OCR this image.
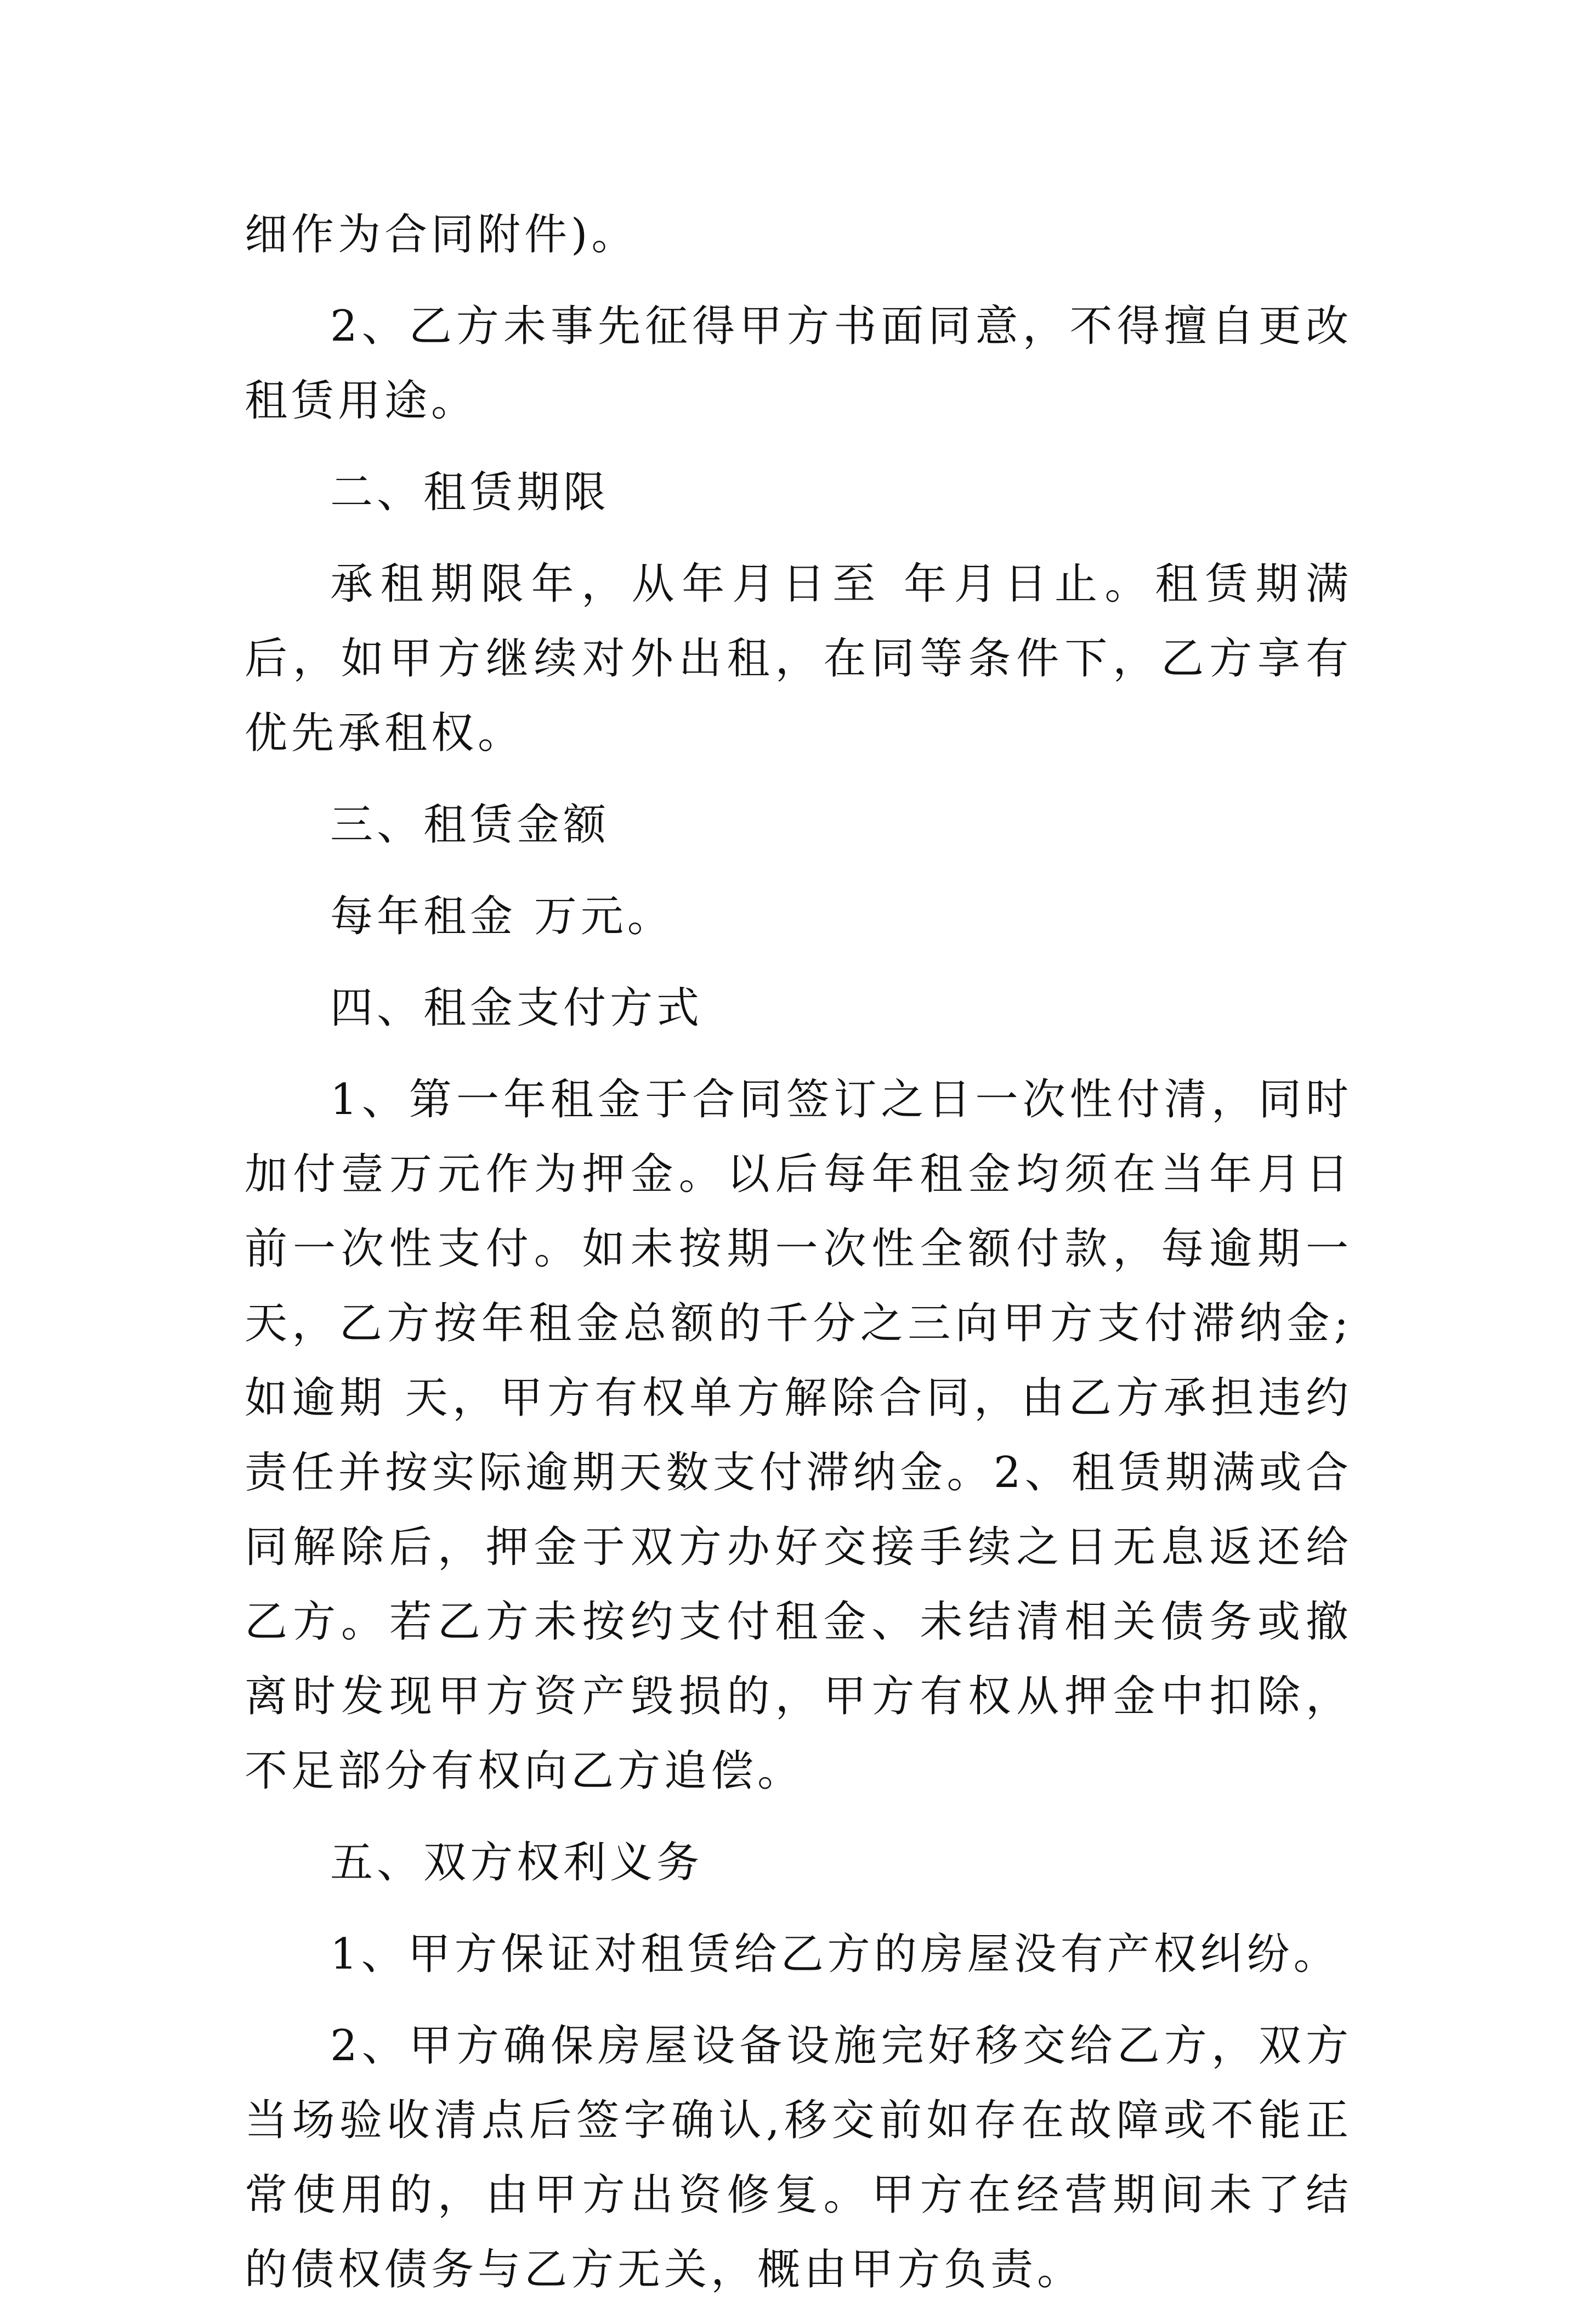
细作为合同附件)。

2、乙方未事先征得甲方书面同意，不得擅自更改租赁用途。

二、租赁期限

承租期限年，从年月日至 年月日止。租赁期满后，如甲方继续对外出租，在同等条件下，乙方享有优先承租权。

三、租赁金额

每年租金 万元。

四、租金支付方式

1、第一年租金于合同签订之日一次性付清，同时加付壹万元作为押金。以后每年租金均须在当年月日前一次性支付。如未按期一次性全额付款，每逾期一天，乙方按年租金总额的千分之三向甲方支付滞纳金;如逾期 天，甲方有权单方解除合同，由乙方承担违约责任并按实际逾期天数支付滞纳金。2、租赁期满或合同解除后，押金于双方办好交接手续之日无息返还给乙方。若乙方未按约支付租金、未结清相关债务或撤离时发现甲方资产毁损的，甲方有权从押金中扣除，不足部分有权向乙方追偿。

五、双方权利义务

1、甲方保证对租赁给乙方的房屋没有产权纠纷。

2、甲方确保房屋设备设施完好移交给乙方，双方当场验收清点后签字确认,移交前如存在故障或不能正常使用的，由甲方出资修复。甲方在经营期间未了结的债权债务与乙方无关，概由甲方负责。
